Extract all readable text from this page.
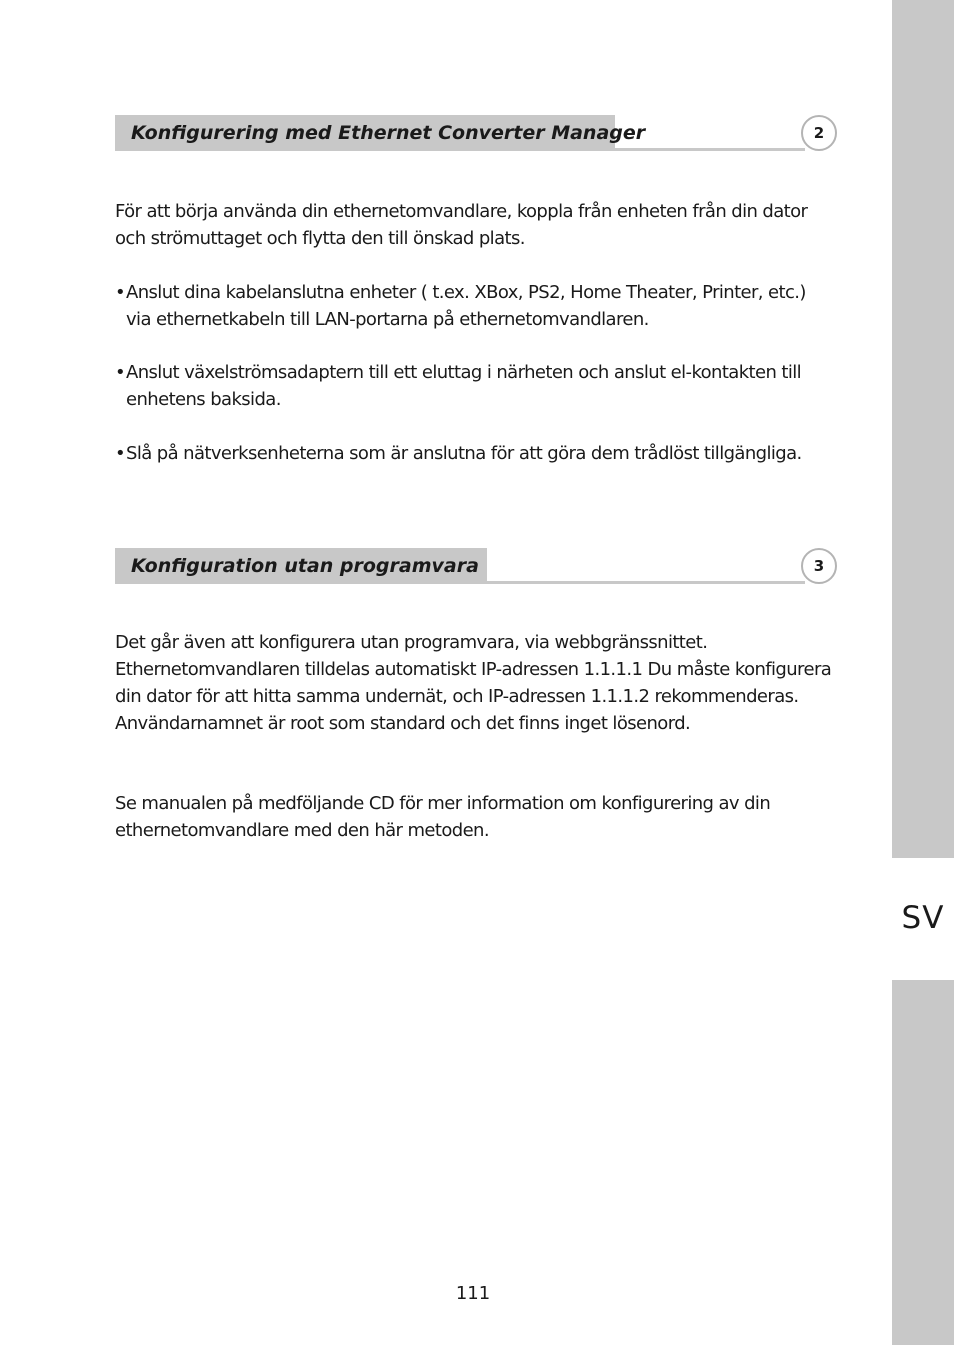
SV
Konfigurering med Ethernet Converter Manager	2

För att börja använda din ethernetomvandlare, koppla från enheten från din dator och strömuttaget och flytta den till önskad plats.

• Anslut dina kabelanslutna enheter ( t.ex. XBox, PS2, Home Theater, Printer, etc.) via ethernetkabeln till LAN-portarna på ethernetomvandlaren.
• Anslut växelströmsadaptern till ett eluttag i närheten och anslut el-kontakten till enhetens baksida.
• Slå på nätverksenheterna som är anslutna för att göra dem trådlöst tillgängliga.
Konfiguration utan programvara	3

Det går även att konfigurera utan programvara, via webbgränssnittet. Ethernetomvandlaren tilldelas automatiskt IP-adressen 1.1.1.1 Du måste konfigurera din dator för att hitta samma undernät, och IP-adressen 1.1.1.2 rekommenderas. Användarnamnet är root som standard och det finns inget lösenord.

Se manualen på medföljande CD för mer information om konfigurering av din ethernetomvandlare med den här metoden.

111
